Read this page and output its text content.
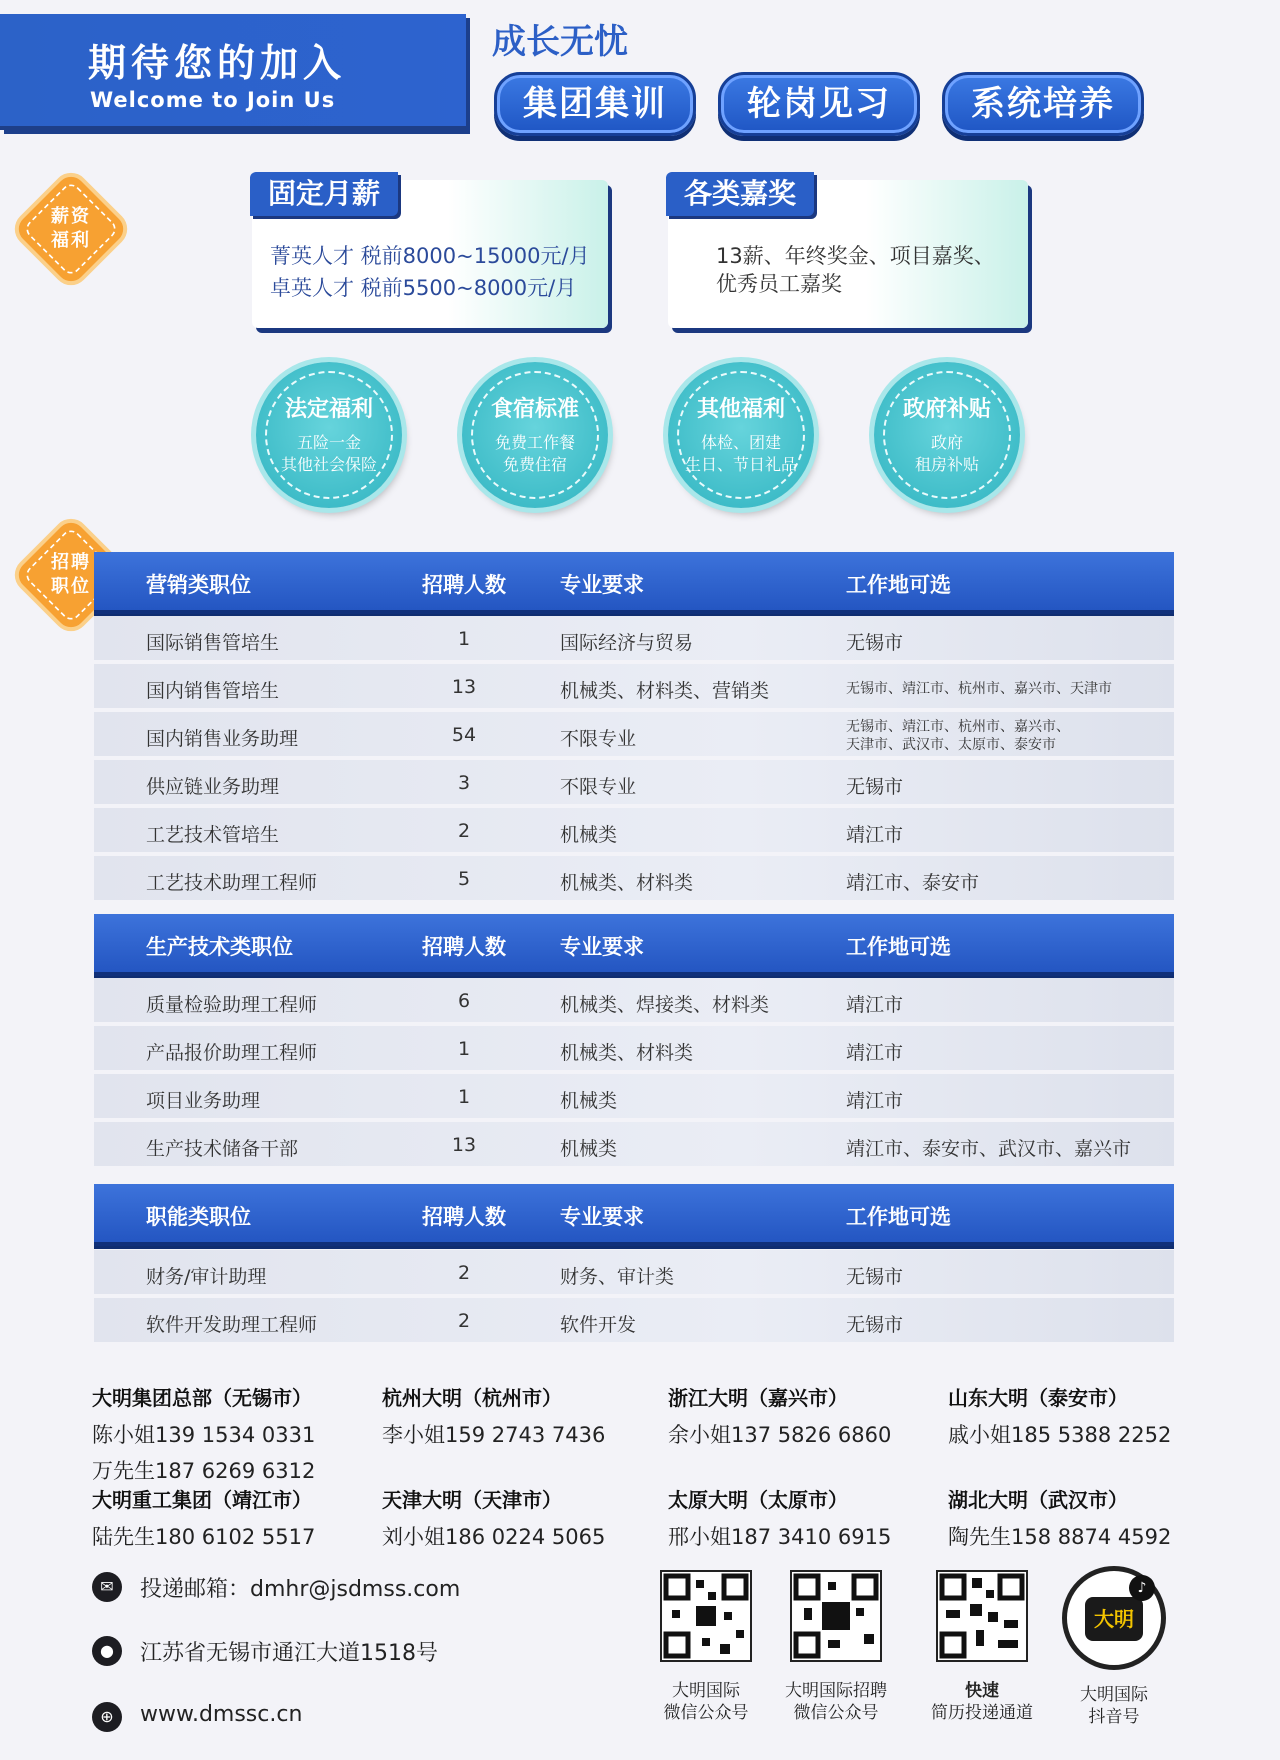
期待您的加入
Welcome to Join Us
成长无忧
集团集训	轮岗见习	系统培养
薪资
福利
固定月薪
菁英人才 税前8000~15000元/月
卓英人才 税前5500~8000元/月
各类嘉奖
13薪、年终奖金、项目嘉奖、
优秀员工嘉奖
法定福利
五险一金
其他社会保险
食宿标准
免费工作餐
免费住宿
其他福利
体检、团建
生日、节日礼品
政府补贴
政府
租房补贴
招聘
职位	营销类职位	招聘人数	专业要求	工作地可选
国际销售管培生	1	国际经济与贸易	无锡市
国内销售管培生	13	机械类、材料类、营销类	无锡市、靖江市、杭州市、嘉兴市、天津市
国内销售业务助理	54	不限专业
无锡市、靖江市、杭州市、嘉兴市、
天津市、武汉市、太原市、泰安市
供应链业务助理	3	不限专业	无锡市
工艺技术管培生	2	机械类	靖江市
工艺技术助理工程师	5	机械类、材料类	靖江市、泰安市
生产技术类职位	招聘人数	专业要求	工作地可选
质量检验助理工程师	6	机械类、焊接类、材料类	靖江市
产品报价助理工程师	1	机械类、材料类	靖江市
项目业务助理	1	机械类	靖江市
生产技术储备干部	13	机械类	靖江市、泰安市、武汉市、嘉兴市
职能类职位	招聘人数	专业要求	工作地可选
财务/审计助理	2	财务、审计类	无锡市
软件开发助理工程师	2	软件开发	无锡市
大明集团总部（无锡市）
陈小姐139 1534 0331
万先生187 6269 6312
杭州大明（杭州市）
李小姐159 2743 7436
浙江大明（嘉兴市）
余小姐137 5826 6860
山东大明（泰安市）
戚小姐185 5388 2252
大明重工集团（靖江市）
陆先生180 6102 5517
天津大明（天津市）
刘小姐186 0224 5065
太原大明（太原市）
邢小姐187 3410 6915
湖北大明（武汉市）
陶先生158 8874 4592
✉	投递邮箱：dmhr@jsdmss.com
●	江苏省无锡市通江大道1518号
⊕	www.dmssc.cn
大明
♪
大明国际
微信公众号
大明国际招聘
微信公众号
快速
简历投递通道
大明国际
抖音号
